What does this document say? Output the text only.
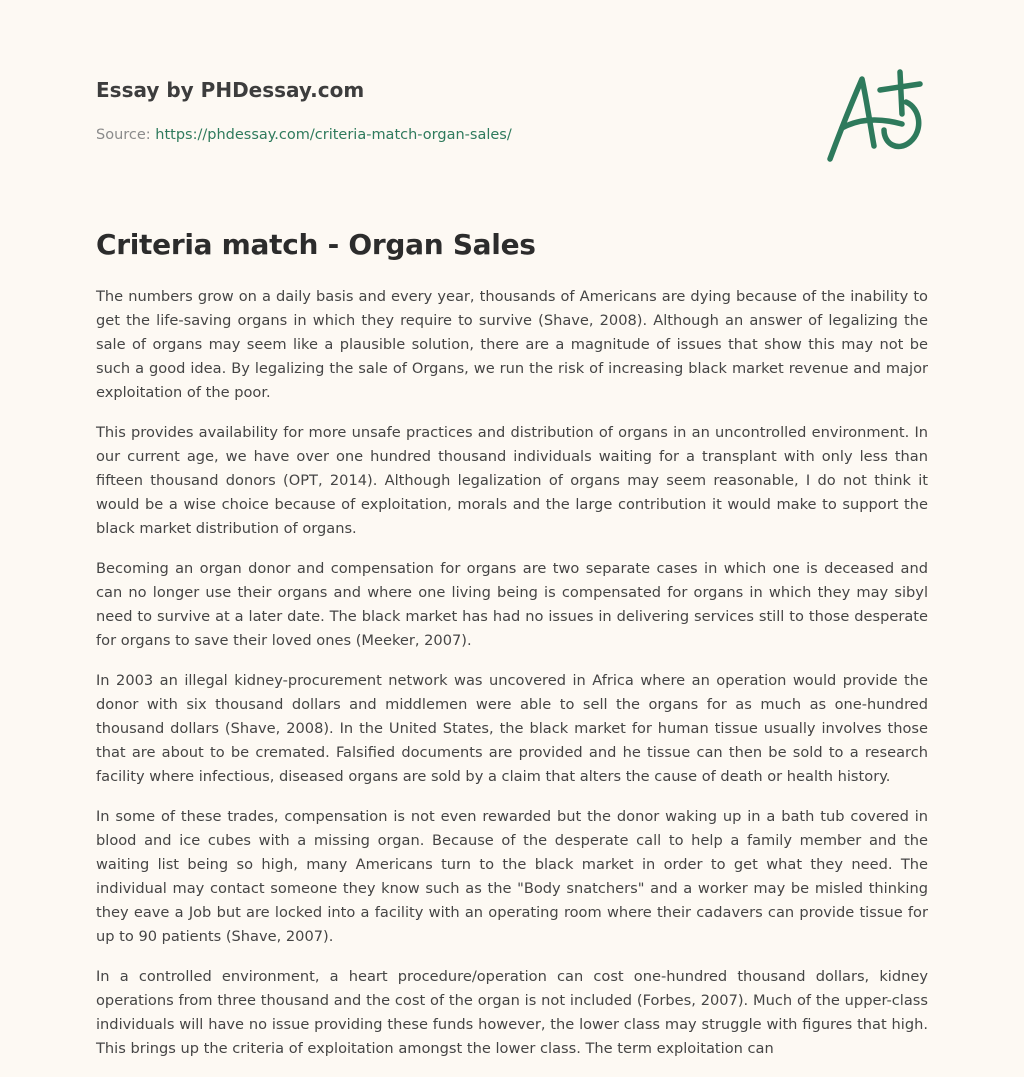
Essay by PHDessay.com
Source: https://phdessay.com/criteria-match-organ-sales/
Criteria match - Organ Sales

The numbers grow on a daily basis and every year, thousands of Americans are dying because of the inability to get the life-saving organs in which they require to survive (Shave, 2008). Although an answer of legalizing the sale of organs may seem like a plausible solution, there are a magnitude of issues that show this may not be such a good idea. By legalizing the sale of Organs, we run the risk of increasing black market revenue and major exploitation of the poor.

This provides availability for more unsafe practices and distribution of organs in an uncontrolled environment. In our current age, we have over one hundred thousand individuals waiting for a transplant with only less than fifteen thousand donors (OPT, 2014). Although legalization of organs may seem reasonable, I do not think it would be a wise choice because of exploitation, morals and the large contribution it would make to support the black market distribution of organs.

Becoming an organ donor and compensation for organs are two separate cases in which one is deceased and can no longer use their organs and where one living being is compensated for organs in which they may sibyl need to survive at a later date. The black market has had no issues in delivering services still to those desperate for organs to save their loved ones (Meeker, 2007).

In 2003 an illegal kidney-procurement network was uncovered in Africa where an operation would provide the donor with six thousand dollars and middlemen were able to sell the organs for as much as one-hundred thousand dollars (Shave, 2008). In the United States, the black market for human tissue usually involves those that are about to be cremated. Falsified documents are provided and he tissue can then be sold to a research facility where infectious, diseased organs are sold by a claim that alters the cause of death or health history.

In some of these trades, compensation is not even rewarded but the donor waking up in a bath tub covered in blood and ice cubes with a missing organ. Because of the desperate call to help a family member and the waiting list being so high, many Americans turn to the black market in order to get what they need. The individual may contact someone they know such as the "Body snatchers" and a worker may be misled thinking they eave a Job but are locked into a facility with an operating room where their cadavers can provide tissue for up to 90 patients (Shave, 2007).

In a controlled environment, a heart procedure/operation can cost one-hundred thousand dollars, kidney operations from three thousand and the cost of the organ is not included (Forbes, 2007). Much of the upper-class individuals will have no issue providing these funds however, the lower class may struggle with figures that high. This brings up the criteria of exploitation amongst the lower class. The term exploitation can
